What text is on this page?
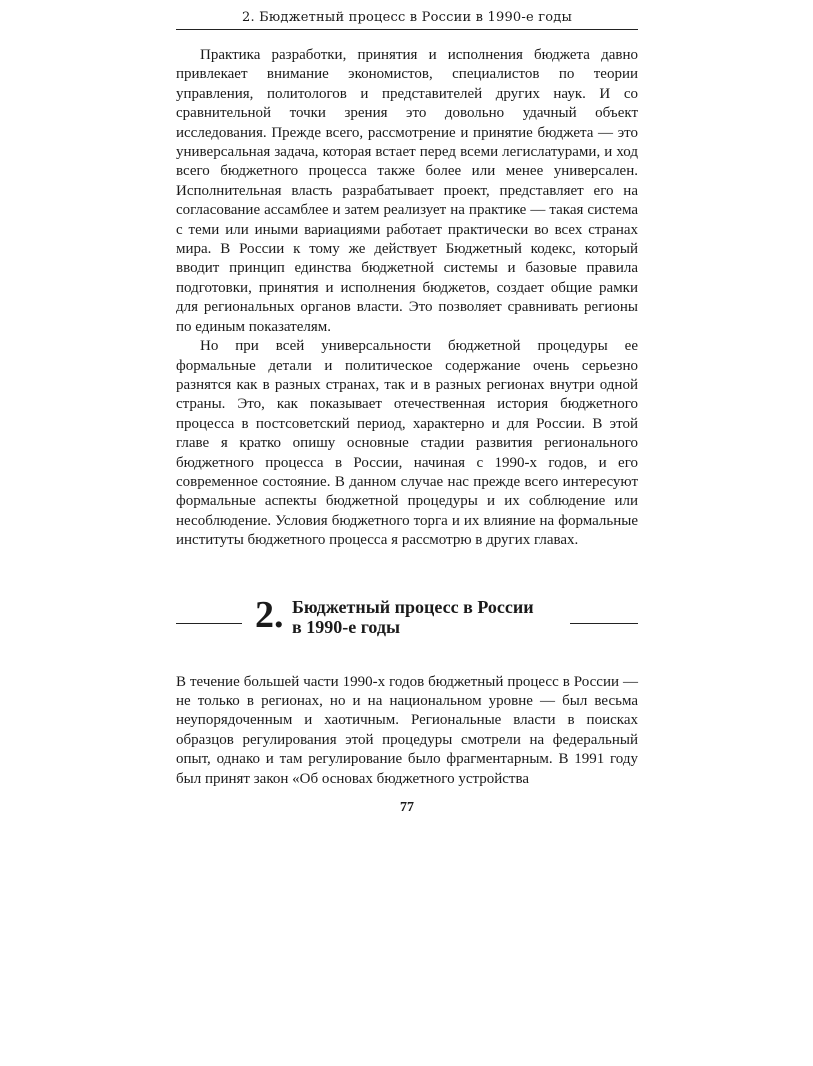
2. Бюджетный процесс в России в 1990-е годы

Практика разработки, принятия и исполнения бюджета давно привлекает внимание экономистов, специалистов по теории управления, политологов и представителей других наук. И со сравнительной точки зрения это довольно удачный объект исследования. Прежде всего, рассмотрение и принятие бюджета — это универсальная задача, которая встает перед всеми легислатурами, и ход всего бюджетного процесса также более или менее универсален. Исполнительная власть разрабатывает проект, представляет его на согласование ассамблее и затем реализует на практике — такая система с теми или иными вариациями работает практически во всех странах мира. В России к тому же действует Бюджетный кодекс, который вводит принцип единства бюджетной системы и базовые правила подготовки, принятия и исполнения бюджетов, создает общие рамки для региональных органов власти. Это позволяет сравнивать регионы по единым показателям.

Но при всей универсальности бюджетной процедуры ее формальные детали и политическое содержание очень серьезно разнятся как в разных странах, так и в разных регионах внутри одной страны. Это, как показывает отечественная история бюджетного процесса в постсоветский период, характерно и для России. В этой главе я кратко опишу основные стадии развития регионального бюджетного процесса в России, начиная с 1990-х годов, и его современное состояние. В данном случае нас прежде всего интересуют формальные аспекты бюджетной процедуры и их соблюдение или несоблюдение. Условия бюджетного торга и их влияние на формальные институты бюджетного процесса я рассмотрю в других главах.

2. Бюджетный процесс в России
в 1990-е годы

В течение большей части 1990-х годов бюджетный процесс в России — не только в регионах, но и на национальном уровне — был весьма неупорядоченным и хаотичным. Региональные власти в поисках образцов регулирования этой процедуры смотрели на федеральный опыт, однако и там регулирование было фрагментарным. В 1991 году был принят закон «Об основах бюджетного устройства

77
